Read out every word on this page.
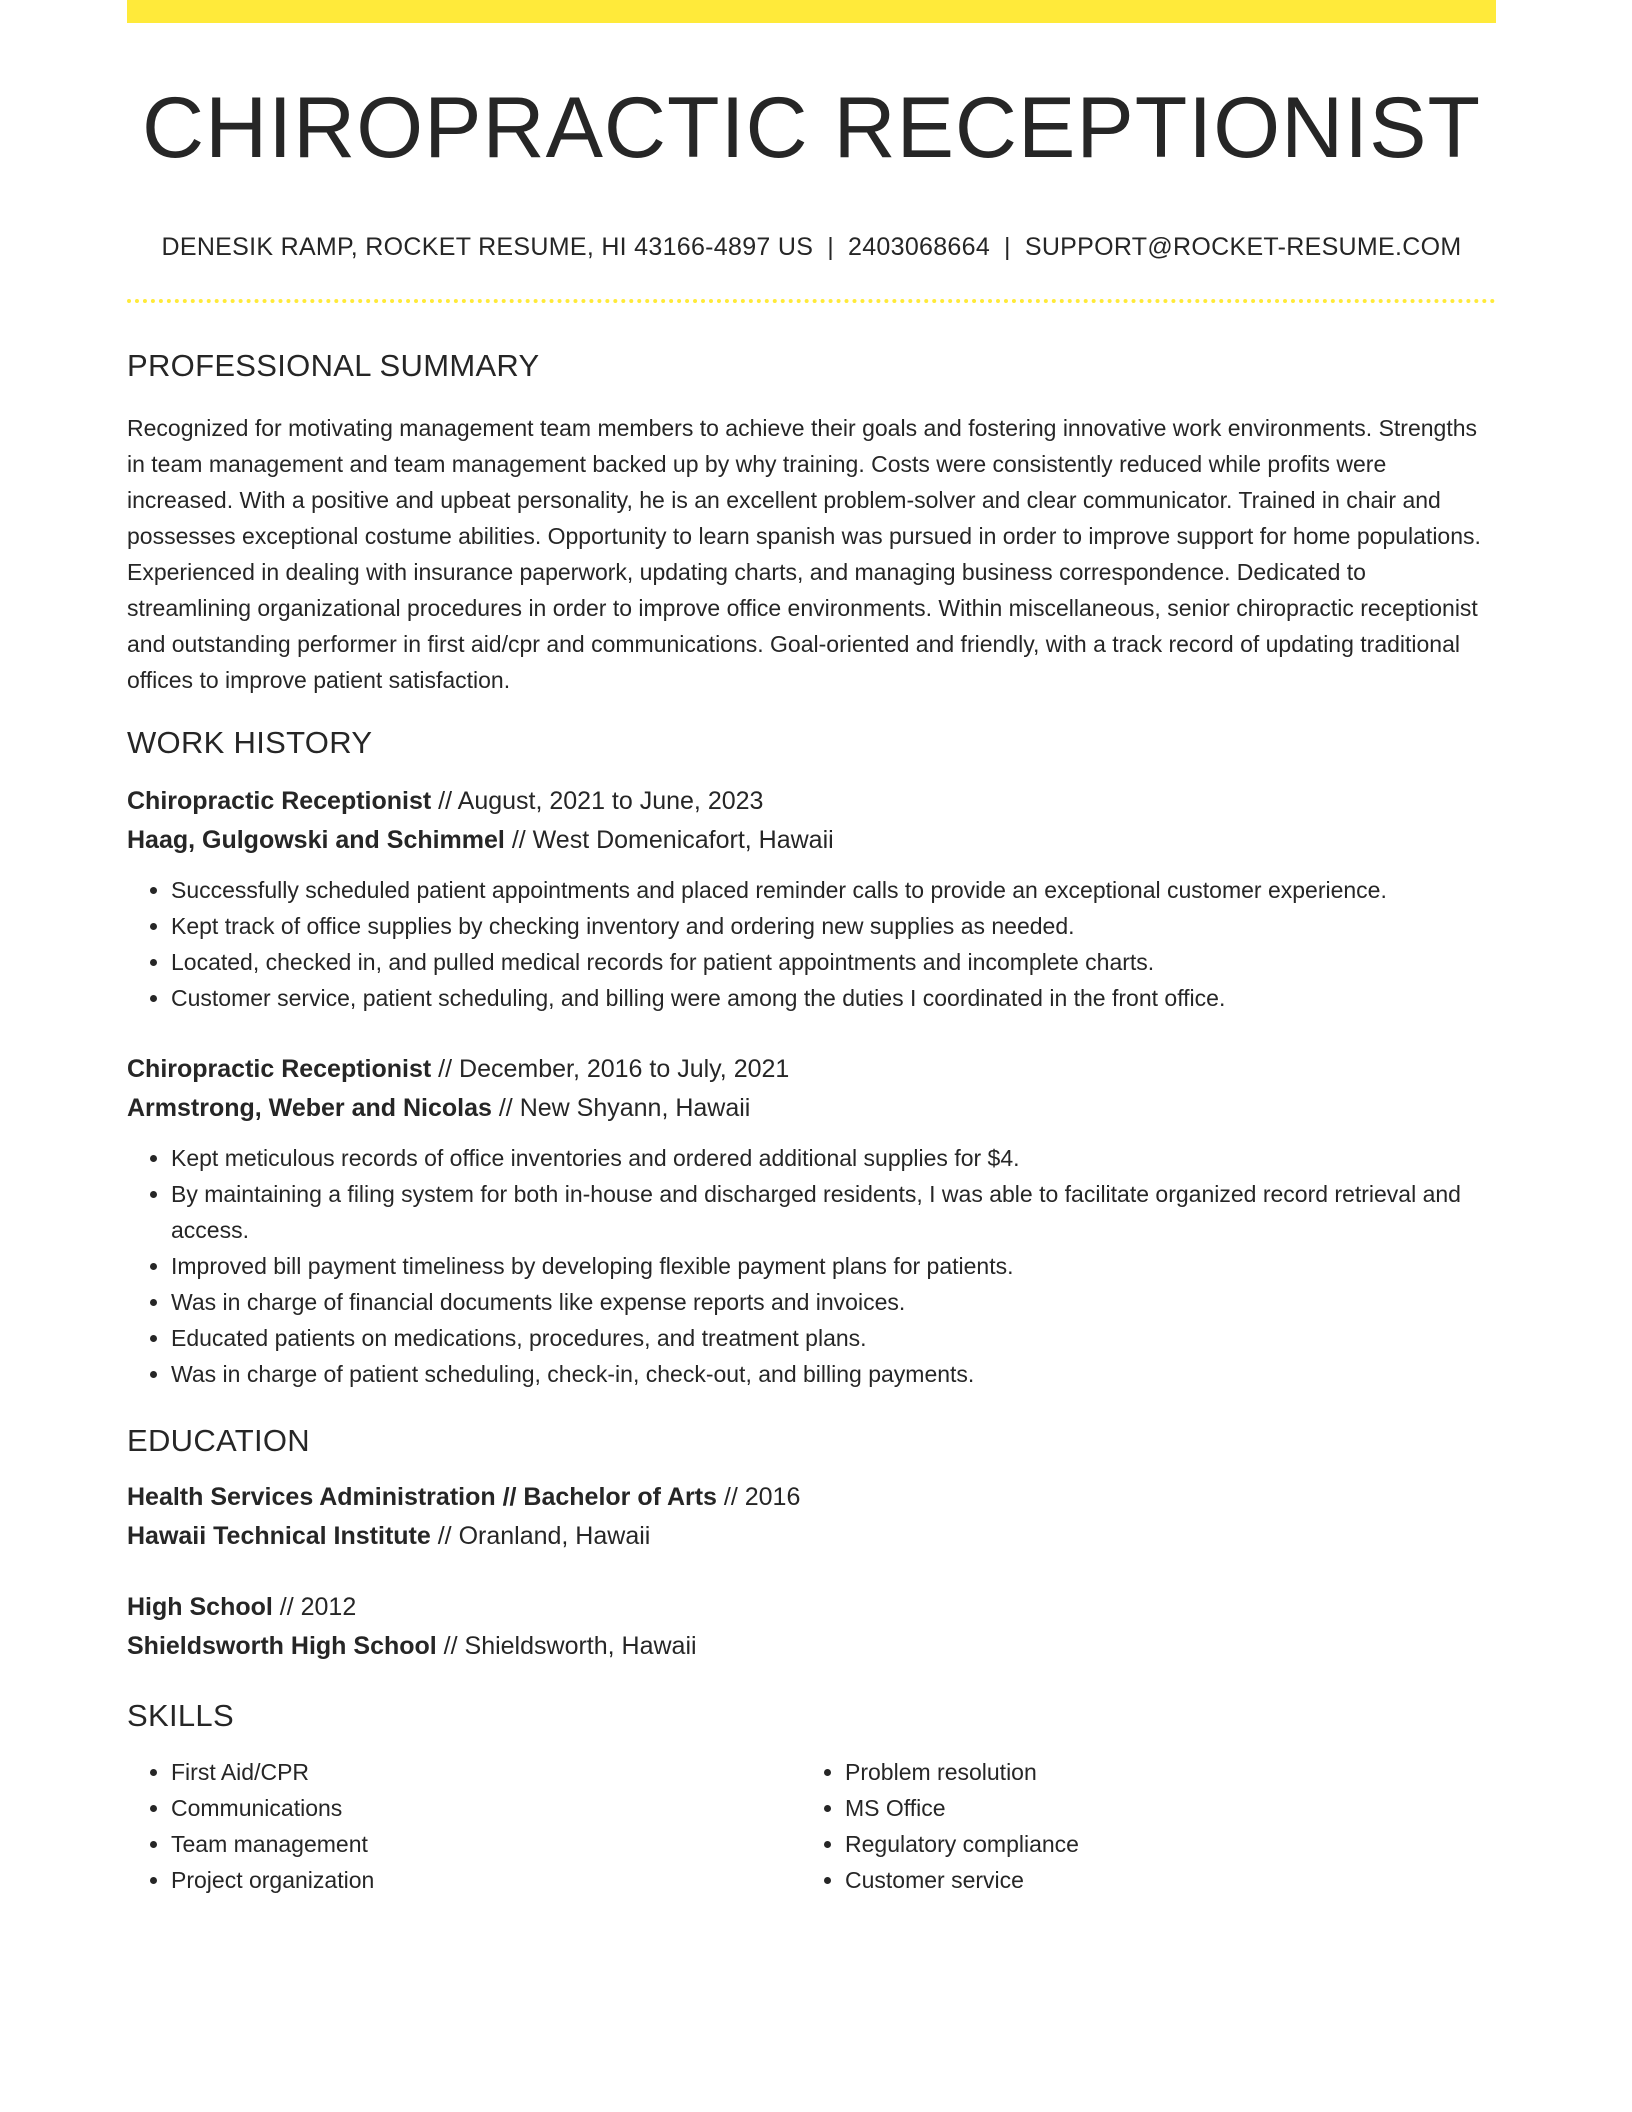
CHIROPRACTIC RECEPTIONIST
DENESIK RAMP, ROCKET RESUME, HI 43166-4897 US | 2403068664 | SUPPORT@ROCKET-RESUME.COM
PROFESSIONAL SUMMARY
Recognized for motivating management team members to achieve their goals and fostering innovative work environments. Strengths in team management and team management backed up by why training. Costs were consistently reduced while profits were increased. With a positive and upbeat personality, he is an excellent problem-solver and clear communicator. Trained in chair and possesses exceptional costume abilities. Opportunity to learn spanish was pursued in order to improve support for home populations. Experienced in dealing with insurance paperwork, updating charts, and managing business correspondence. Dedicated to streamlining organizational procedures in order to improve office environments. Within miscellaneous, senior chiropractic receptionist and outstanding performer in first aid/cpr and communications. Goal-oriented and friendly, with a track record of updating traditional offices to improve patient satisfaction.
WORK HISTORY
Chiropractic Receptionist // August, 2021 to June, 2023
Haag, Gulgowski and Schimmel // West Domenicafort, Hawaii
• Successfully scheduled patient appointments and placed reminder calls to provide an exceptional customer experience.
• Kept track of office supplies by checking inventory and ordering new supplies as needed.
• Located, checked in, and pulled medical records for patient appointments and incomplete charts.
• Customer service, patient scheduling, and billing were among the duties I coordinated in the front office.
Chiropractic Receptionist // December, 2016 to July, 2021
Armstrong, Weber and Nicolas // New Shyann, Hawaii
• Kept meticulous records of office inventories and ordered additional supplies for $4.
• By maintaining a filing system for both in-house and discharged residents, I was able to facilitate organized record retrieval and access.
• Improved bill payment timeliness by developing flexible payment plans for patients.
• Was in charge of financial documents like expense reports and invoices.
• Educated patients on medications, procedures, and treatment plans.
• Was in charge of patient scheduling, check-in, check-out, and billing payments.
EDUCATION
Health Services Administration // Bachelor of Arts // 2016
Hawaii Technical Institute // Oranland, Hawaii
High School // 2012
Shieldsworth High School // Shieldsworth, Hawaii
SKILLS
• First Aid/CPR
• Communications
• Team management
• Project organization
• Problem resolution
• MS Office
• Regulatory compliance
• Customer service
